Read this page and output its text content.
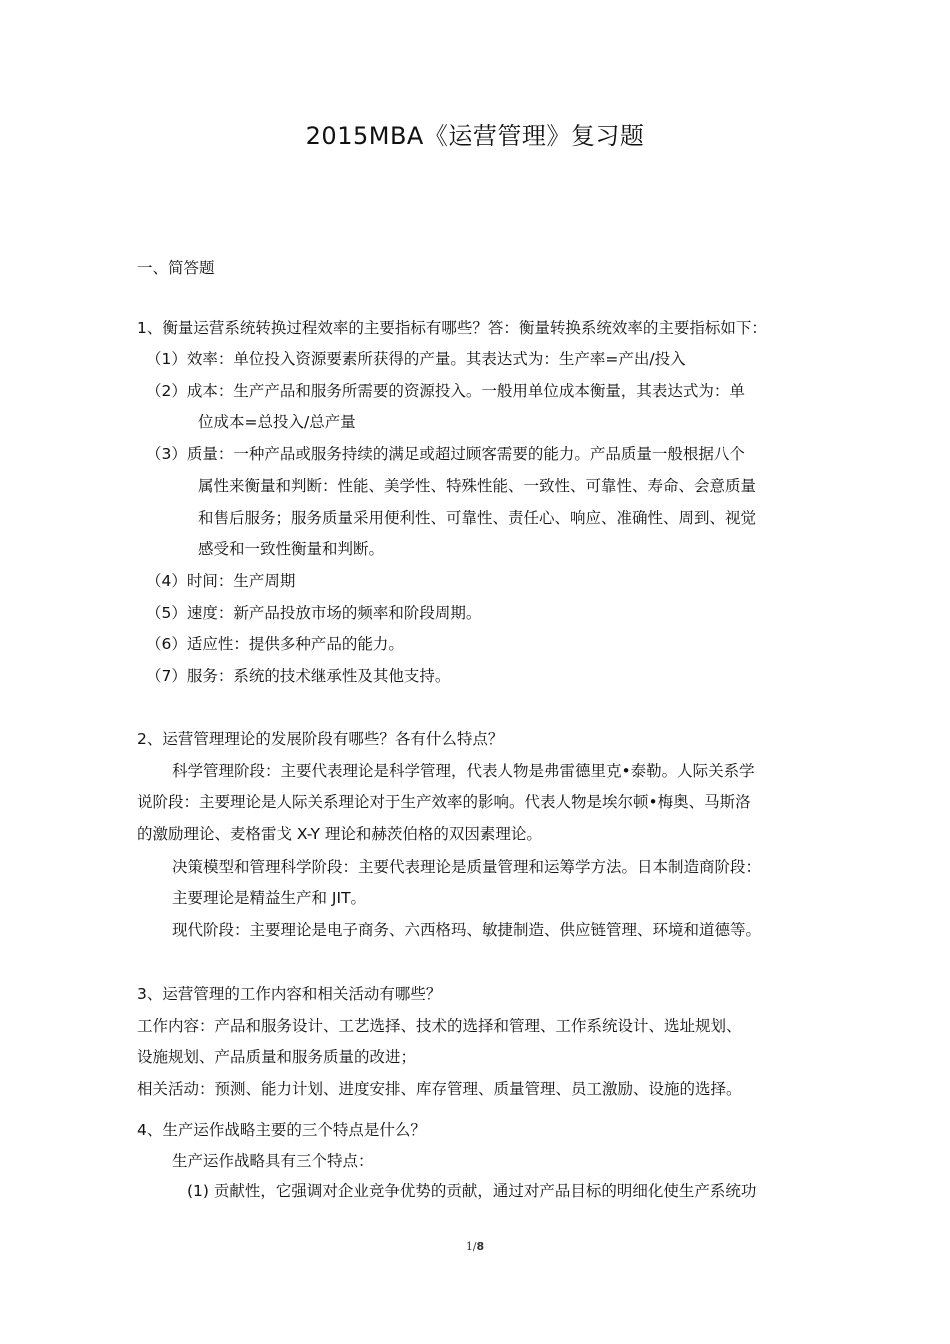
2015MBA《运营管理》复习题
一、简答题
1、衡量运营系统转换过程效率的主要指标有哪些？答：衡量转换系统效率的主要指标如下：
（1）效率：单位投入资源要素所获得的产量。其表达式为：生产率=产出/投入
（2）成本：生产产品和服务所需要的资源投入。一般用单位成本衡量，其表达式为：单
位成本=总投入/总产量
（3）质量：一种产品或服务持续的满足或超过顾客需要的能力。产品质量一般根据八个
属性来衡量和判断：性能、美学性、特殊性能、一致性、可靠性、寿命、会意质量
和售后服务；服务质量采用便利性、可靠性、责任心、响应、准确性、周到、视觉
感受和一致性衡量和判断。
（4）时间：生产周期
（5）速度：新产品投放市场的频率和阶段周期。
（6）适应性：提供多种产品的能力。
（7）服务：系统的技术继承性及其他支持。
2、运营管理理论的发展阶段有哪些？各有什么特点？
科学管理阶段：主要代表理论是科学管理，代表人物是弗雷德里克•泰勒。人际关系学
说阶段：主要理论是人际关系理论对于生产效率的影响。代表人物是埃尔顿•梅奥、马斯洛
的激励理论、麦格雷戈 X-Y 理论和赫茨伯格的双因素理论。
决策模型和管理科学阶段：主要代表理论是质量管理和运筹学方法。日本制造商阶段：
主要理论是精益生产和 JIT。
现代阶段：主要理论是电子商务、六西格玛、敏捷制造、供应链管理、环境和道德等。
3、运营管理的工作内容和相关活动有哪些？
工作内容：产品和服务设计、工艺选择、技术的选择和管理、工作系统设计、选址规划、
设施规划、产品质量和服务质量的改进；
相关活动：预测、能力计划、进度安排、库存管理、质量管理、员工激励、设施的选择。
4、生产运作战略主要的三个特点是什么？
生产运作战略具有三个特点：
(1) 贡献性，它强调对企业竞争优势的贡献，通过对产品目标的明细化使生产系统功
1/8
